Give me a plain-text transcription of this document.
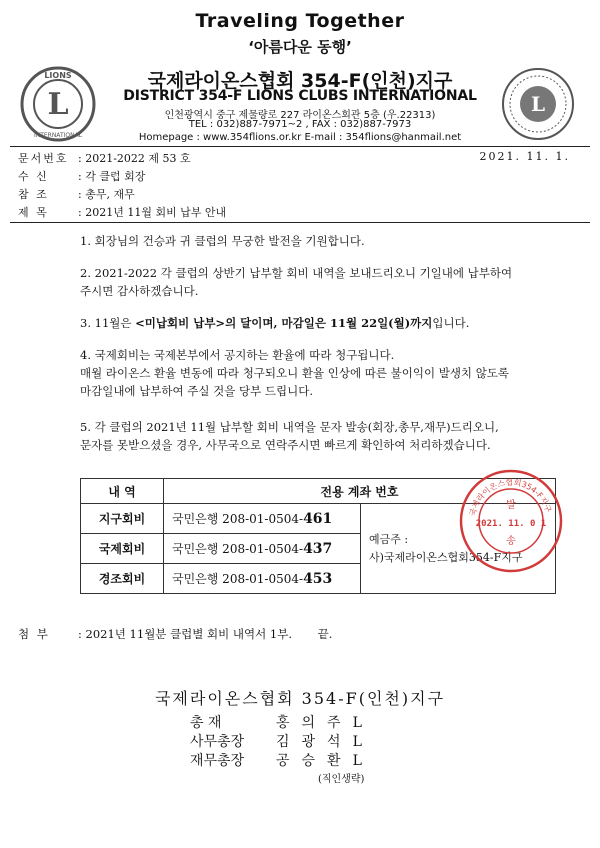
Traveling Together
‘아름다운 동행’
L
LIONS
INTERNATIONAL
국제라이온스협회 354-F(인천)지구
DISTRICT 354-F LIONS CLUBS INTERNATIONAL
인천광역시 중구 제물량로 227 라이온스회관 5층 (우.22313)
TEL : 032)887-7971~2 , FAX : 032)887-7973
Homepage : www.354flions.or.kr E-mail : 354flions@hanmail.net
L
문서번호 : 2021-2022 제 53 호	2021. 11. 1.
수 신	: 각 클럽 회장
참 조	: 총무, 재무
제 목	: 2021년 11월 회비 납부 안내
1. 회장님의 건승과 귀 클럽의 무궁한 발전을 기원합니다.
2. 2021-2022 각 클럽의 상반기 납부할 회비 내역을 보내드리오니 기일내에 납부하여
주시면 감사하겠습니다.
3. 11월은 <미납회비 납부>의 달이며, 마감일은 11월 22일(월)까지입니다.
4. 국제회비는 국제본부에서 공지하는 환율에 따라 청구됩니다.
매월 라이온스 환율 변동에 따라 청구되오니 환율 인상에 따른 불이익이 발생치 않도록
마감일내에 납부하여 주실 것을 당부 드립니다.
5. 각 클럽의 2021년 11월 납부할 회비 내역을 문자 발송(회장,총무,재무)드리오니,
문자를 못받으셨을 경우, 사무국으로 연락주시면 빠르게 확인하여 처리하겠습니다.
내 역	전용 계좌 번호	
지구회비	국민은행 208-01-0504-461	예금주 :
사)국제라이온스협회354-F지구

국제회비	국민은행 208-01-0504-437	
경조회비	국민은행 208-01-0504-453	
국제라이온스협회354-F지구
발
2021. 11. 0 1
송
첨 부 : 2021년 11월분 클럽별 회비 내역서 1부. 끝.
국제라이온스협회 354-F(인천)지구
총 재	홍의주L
사무총장 김광석L
재무총장 공승환L
(직인생략)
